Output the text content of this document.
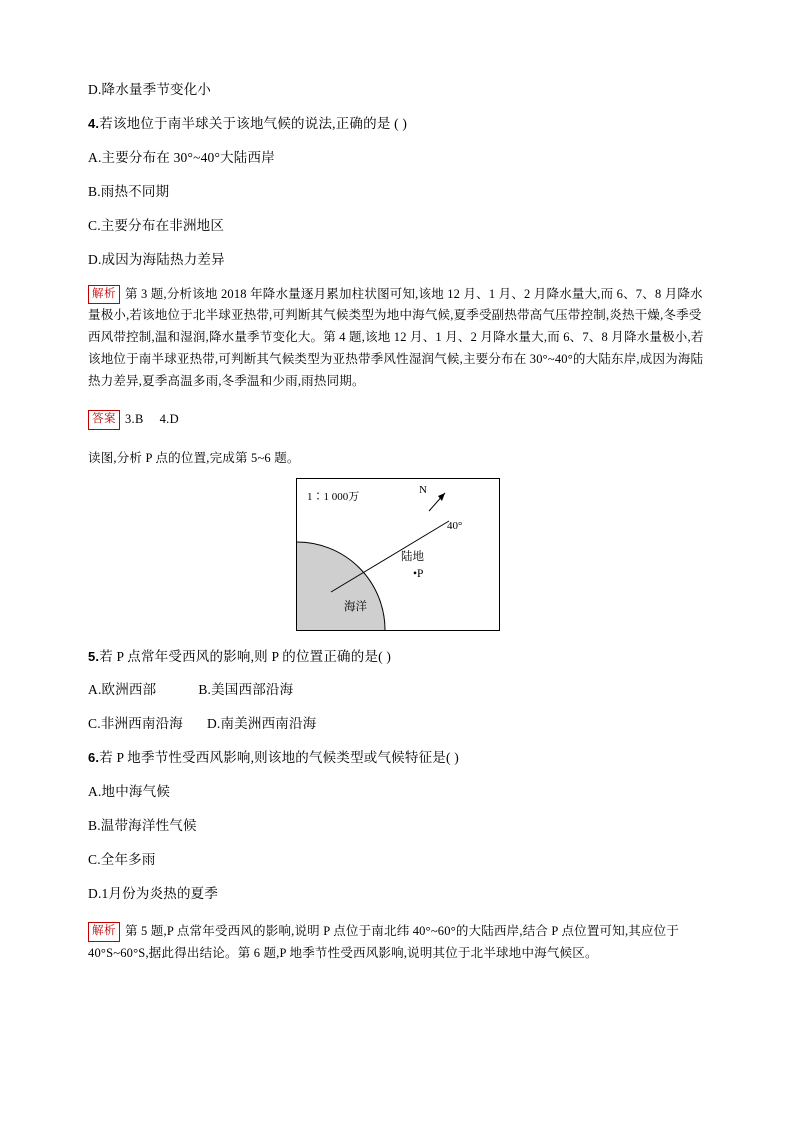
D.降水量季节变化小

4.若该地位于南半球关于该地气候的说法,正确的是 ( )

A.主要分布在 30°~40°大陆西岸

B.雨热不同期

C.主要分布在非洲地区

D.成因为海陆热力差异

解析 第 3 题,分析该地 2018 年降水量逐月累加柱状图可知,该地 12 月、1 月、2 月降水量大,而 6、7、8 月降水量极小,若该地位于北半球亚热带,可判断其气候类型为地中海气候,夏季受副热带高气压带控制,炎热干燥,冬季受西风带控制,温和湿润,降水量季节变化大。第 4 题,该地 12 月、1 月、2 月降水量大,而 6、7、8 月降水量极小,若该地位于南半球亚热带,可判断其气候类型为亚热带季风性湿润气候,主要分布在 30°~40°的大陆东岸,成因为海陆热力差异,夏季高温多雨,冬季温和少雨,雨热同期。
答案 3.B 4.D

读图,分析 P 点的位置,完成第 5~6 题。

1∶1 000万
N
40°
陆地
海洋
•P

5.若 P 点常年受西风的影响,则 P 的位置正确的是( )

A.欧洲西部	B.美国西部沿海

C.非洲西南沿海 D.南美洲西南沿海

6.若 P 地季节性受西风影响,则该地的气候类型或气候特征是( )

A.地中海气候

B.温带海洋性气候

C.全年多雨

D.1月份为炎热的夏季

解析 第 5 题,P 点常年受西风的影响,说明 P 点位于南北纬 40°~60°的大陆西岸,结合 P 点位置可知,其应位于 40°S~60°S,据此得出结论。第 6 题,P 地季节性受西风影响,说明其位于北半球地中海气候区。
